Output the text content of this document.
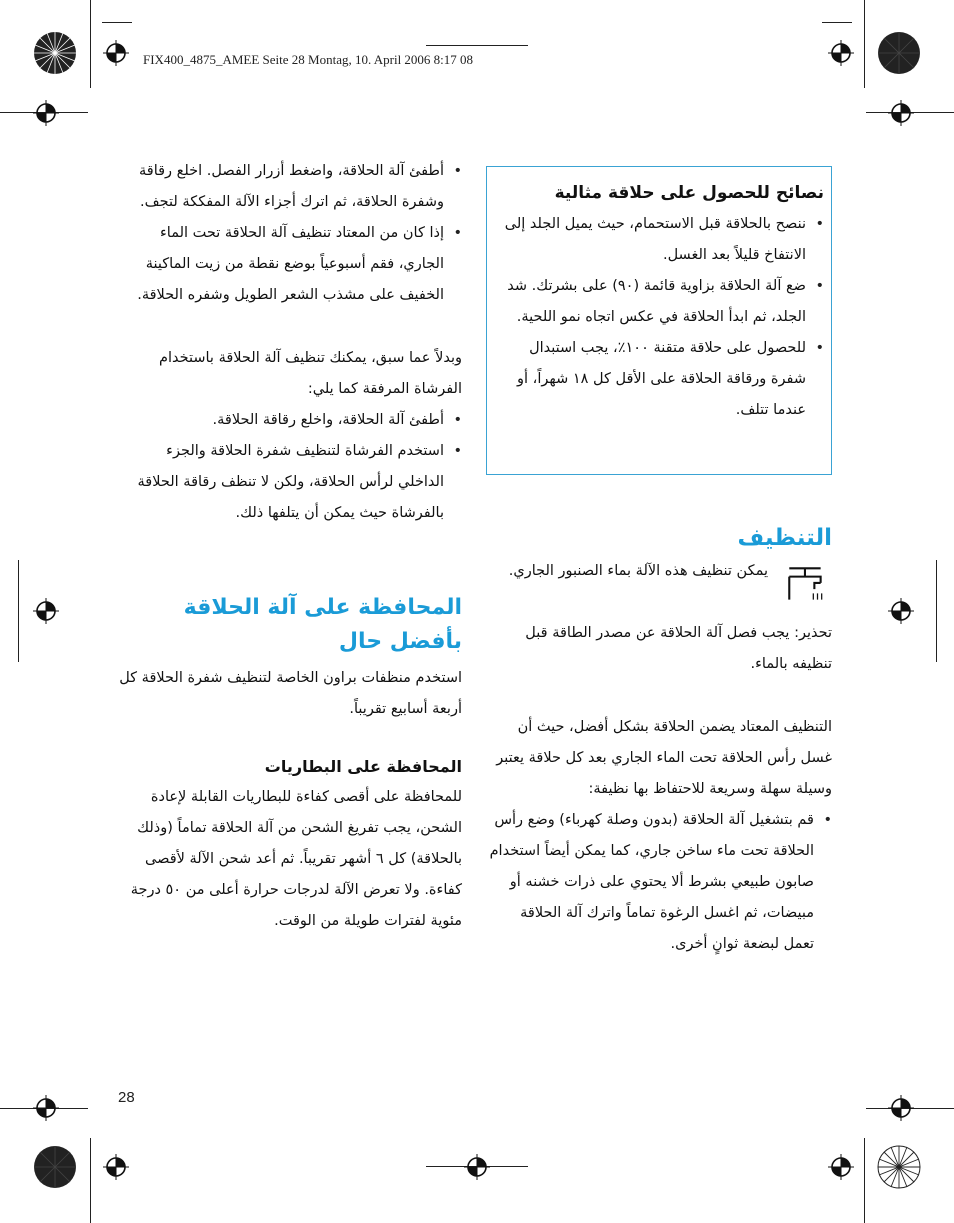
FIX400_4875_AMEE Seite 28 Montag, 10. April 2006 8:17 08
28
• أطفئ آلة الحلاقة، واضغط أزرار الفصل. اخلع رقاقة وشفرة الحلاقة، ثم اترك أجزاء الآلة المفككة لتجف.
• إذا كان من المعتاد تنظيف آلة الحلاقة تحت الماء الجاري، فقم أسبوعياً بوضع نقطة من زيت الماكينة الخفيف على مشذب الشعر الطويل وشفره الحلاقة.

وبدلاً عما سبق، يمكنك تنظيف آلة الحلاقة باستخدام الفرشاة المرفقة كما يلي:

• أطفئ آلة الحلاقة، واخلع رقاقة الحلاقة.
• استخدم الفرشاة لتنظيف شفرة الحلاقة والجزء الداخلي لرأس الحلاقة، ولكن لا تنظف رقاقة الحلاقة بالفرشاة حيث يمكن أن يتلفها ذلك.
المحافظة على آلة الحلاقة بأفضل حال

استخدم منظفات براون الخاصة لتنظيف شفرة الحلاقة كل أربعة أسابيع تقريباً.

المحافظة على البطاريات

للمحافظة على أقصى كفاءة للبطاريات القابلة لإعادة الشحن، يجب تفريغ الشحن من آلة الحلاقة تماماً (وذلك بالحلاقة) كل ٦ أشهر تقريباً. ثم أعد شحن الآلة لأقصى كفاءة. ولا تعرض الآلة لدرجات حرارة أعلى من ٥٠ درجة مئوية لفترات طويلة من الوقت.

نصائح للحصول على حلاقة مثالية
• ننصح بالحلاقة قبل الاستحمام، حيث يميل الجلد إلى الانتفاخ قليلاً بعد الغسل.
• ضع آلة الحلاقة بزاوية قائمة (٩٠) على بشرتك. شد الجلد، ثم ابدأ الحلاقة في عكس اتجاه نمو اللحية.
• للحصول على حلاقة متقنة ١٠٠٪، يجب استبدال شفرة ورقاقة الحلاقة على الأقل كل ١٨ شهراً، أو عندما تتلف.
التنظيف

يمكن تنظيف هذه الآلة بماء الصنبور الجاري.

تحذير: يجب فصل آلة الحلاقة عن مصدر الطاقة قبل تنظيفه بالماء.

التنظيف المعتاد يضمن الحلاقة بشكل أفضل، حيث أن غسل رأس الحلاقة تحت الماء الجاري بعد كل حلاقة يعتبر وسيلة سهلة وسريعة للاحتفاظ بها نظيفة:

• قم بتشغيل آلة الحلاقة (بدون وصلة كهرباء) وضع رأس الحلاقة تحت ماء ساخن جاري، كما يمكن أيضاً استخدام صابون طبيعي بشرط ألا يحتوي على ذرات خشنه أو مبيضات، ثم اغسل الرغوة تماماً واترك آلة الحلاقة تعمل لبضعة ثوانٍ أخرى.
